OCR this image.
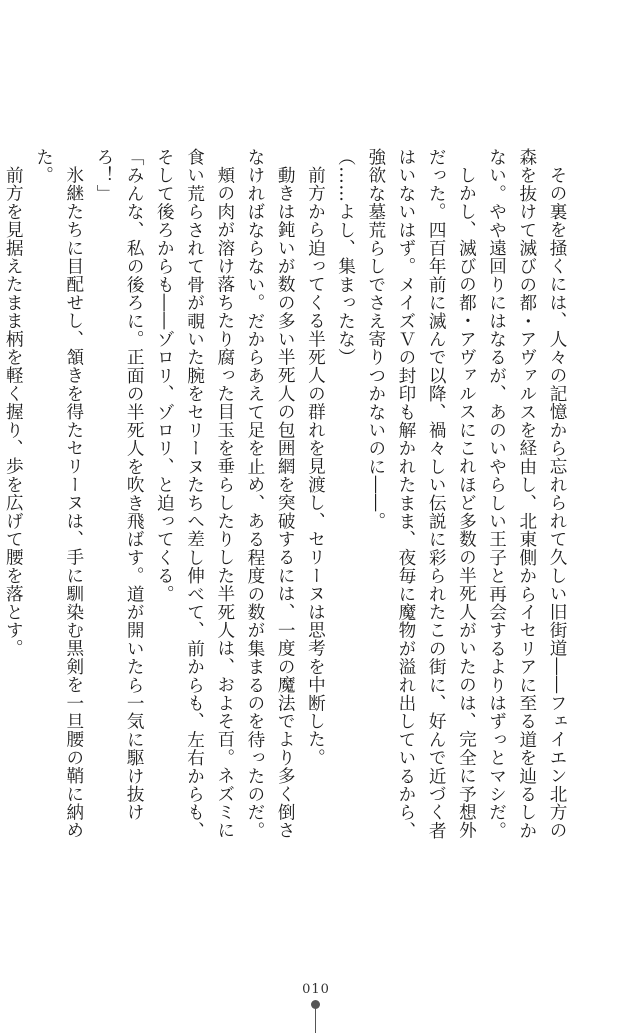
その裏を掻くには、人々の記憶から忘れられて久しい旧街道――フェイエン北方の森を抜けて滅びの都・アヴァルスを経由し、北東側からイセリアに至る道を辿るしかない。やや遠回りにはなるが、あのいやらしい王子と再会するよりはずっとマシだ。

しかし、滅びの都・アヴァルスにこれほど多数の半死人がいたのは、完全に予想外だった。四百年前に滅んで以降、禍々しい伝説に彩られたこの街に、好んで近づく者はいないはず。メイズＶの封印も解かれたまま、夜毎に魔物が溢れ出しているから、強欲な墓荒らしでさえ寄りつかないのに――。

（……よし、集まったな）

前方から迫ってくる半死人の群れを見渡し、セリーヌは思考を中断した。

動きは鈍いが数の多い半死人の包囲網を突破するには、一度の魔法でより多く倒さなければならない。だからあえて足を止め、ある程度の数が集まるのを待ったのだ。

頬の肉が溶け落ちたり腐った目玉を垂らしたりした半死人は、およそ百。ネズミに食い荒らされて骨が覗いた腕をセリーヌたちへ差し伸べて、前からも、左右からも、そして後ろからも――ゾロリ、ゾロリ、と迫ってくる。

「みんな、私の後ろに。正面の半死人を吹き飛ばす。道が開いたら一気に駆け抜けろ！」

氷継たちに目配せし、頷きを得たセリーヌは、手に馴染む黒剣を一旦腰の鞘に納めた。

前方を見据えたまま柄を軽く握り、歩を広げて腰を落とす。

010
